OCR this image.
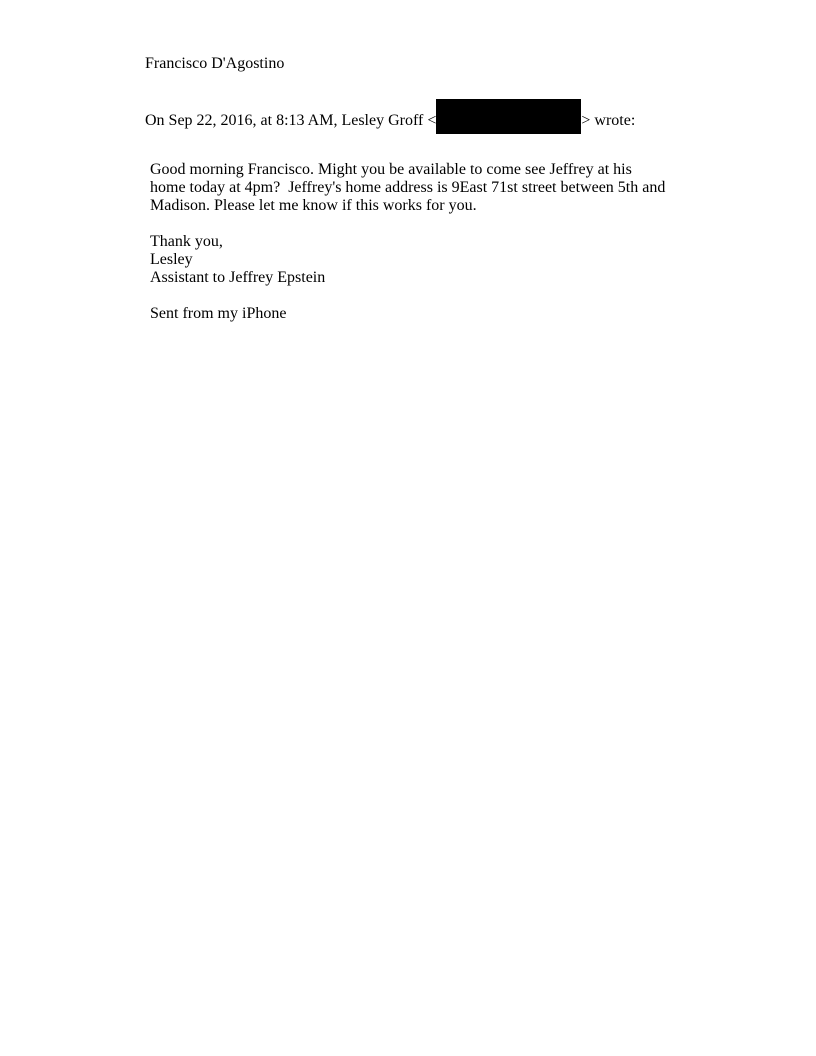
Francisco D'Agostino
On Sep 22, 2016, at 8:13 AM, Lesley Groff <	> wrote:
Good morning Francisco. Might you be available to come see Jeffrey at his
home today at 4pm?  Jeffrey's home address is 9East 71st street between 5th and
Madison. Please let me know if this works for you.
Thank you,
Lesley
Assistant to Jeffrey Epstein
Sent from my iPhone
